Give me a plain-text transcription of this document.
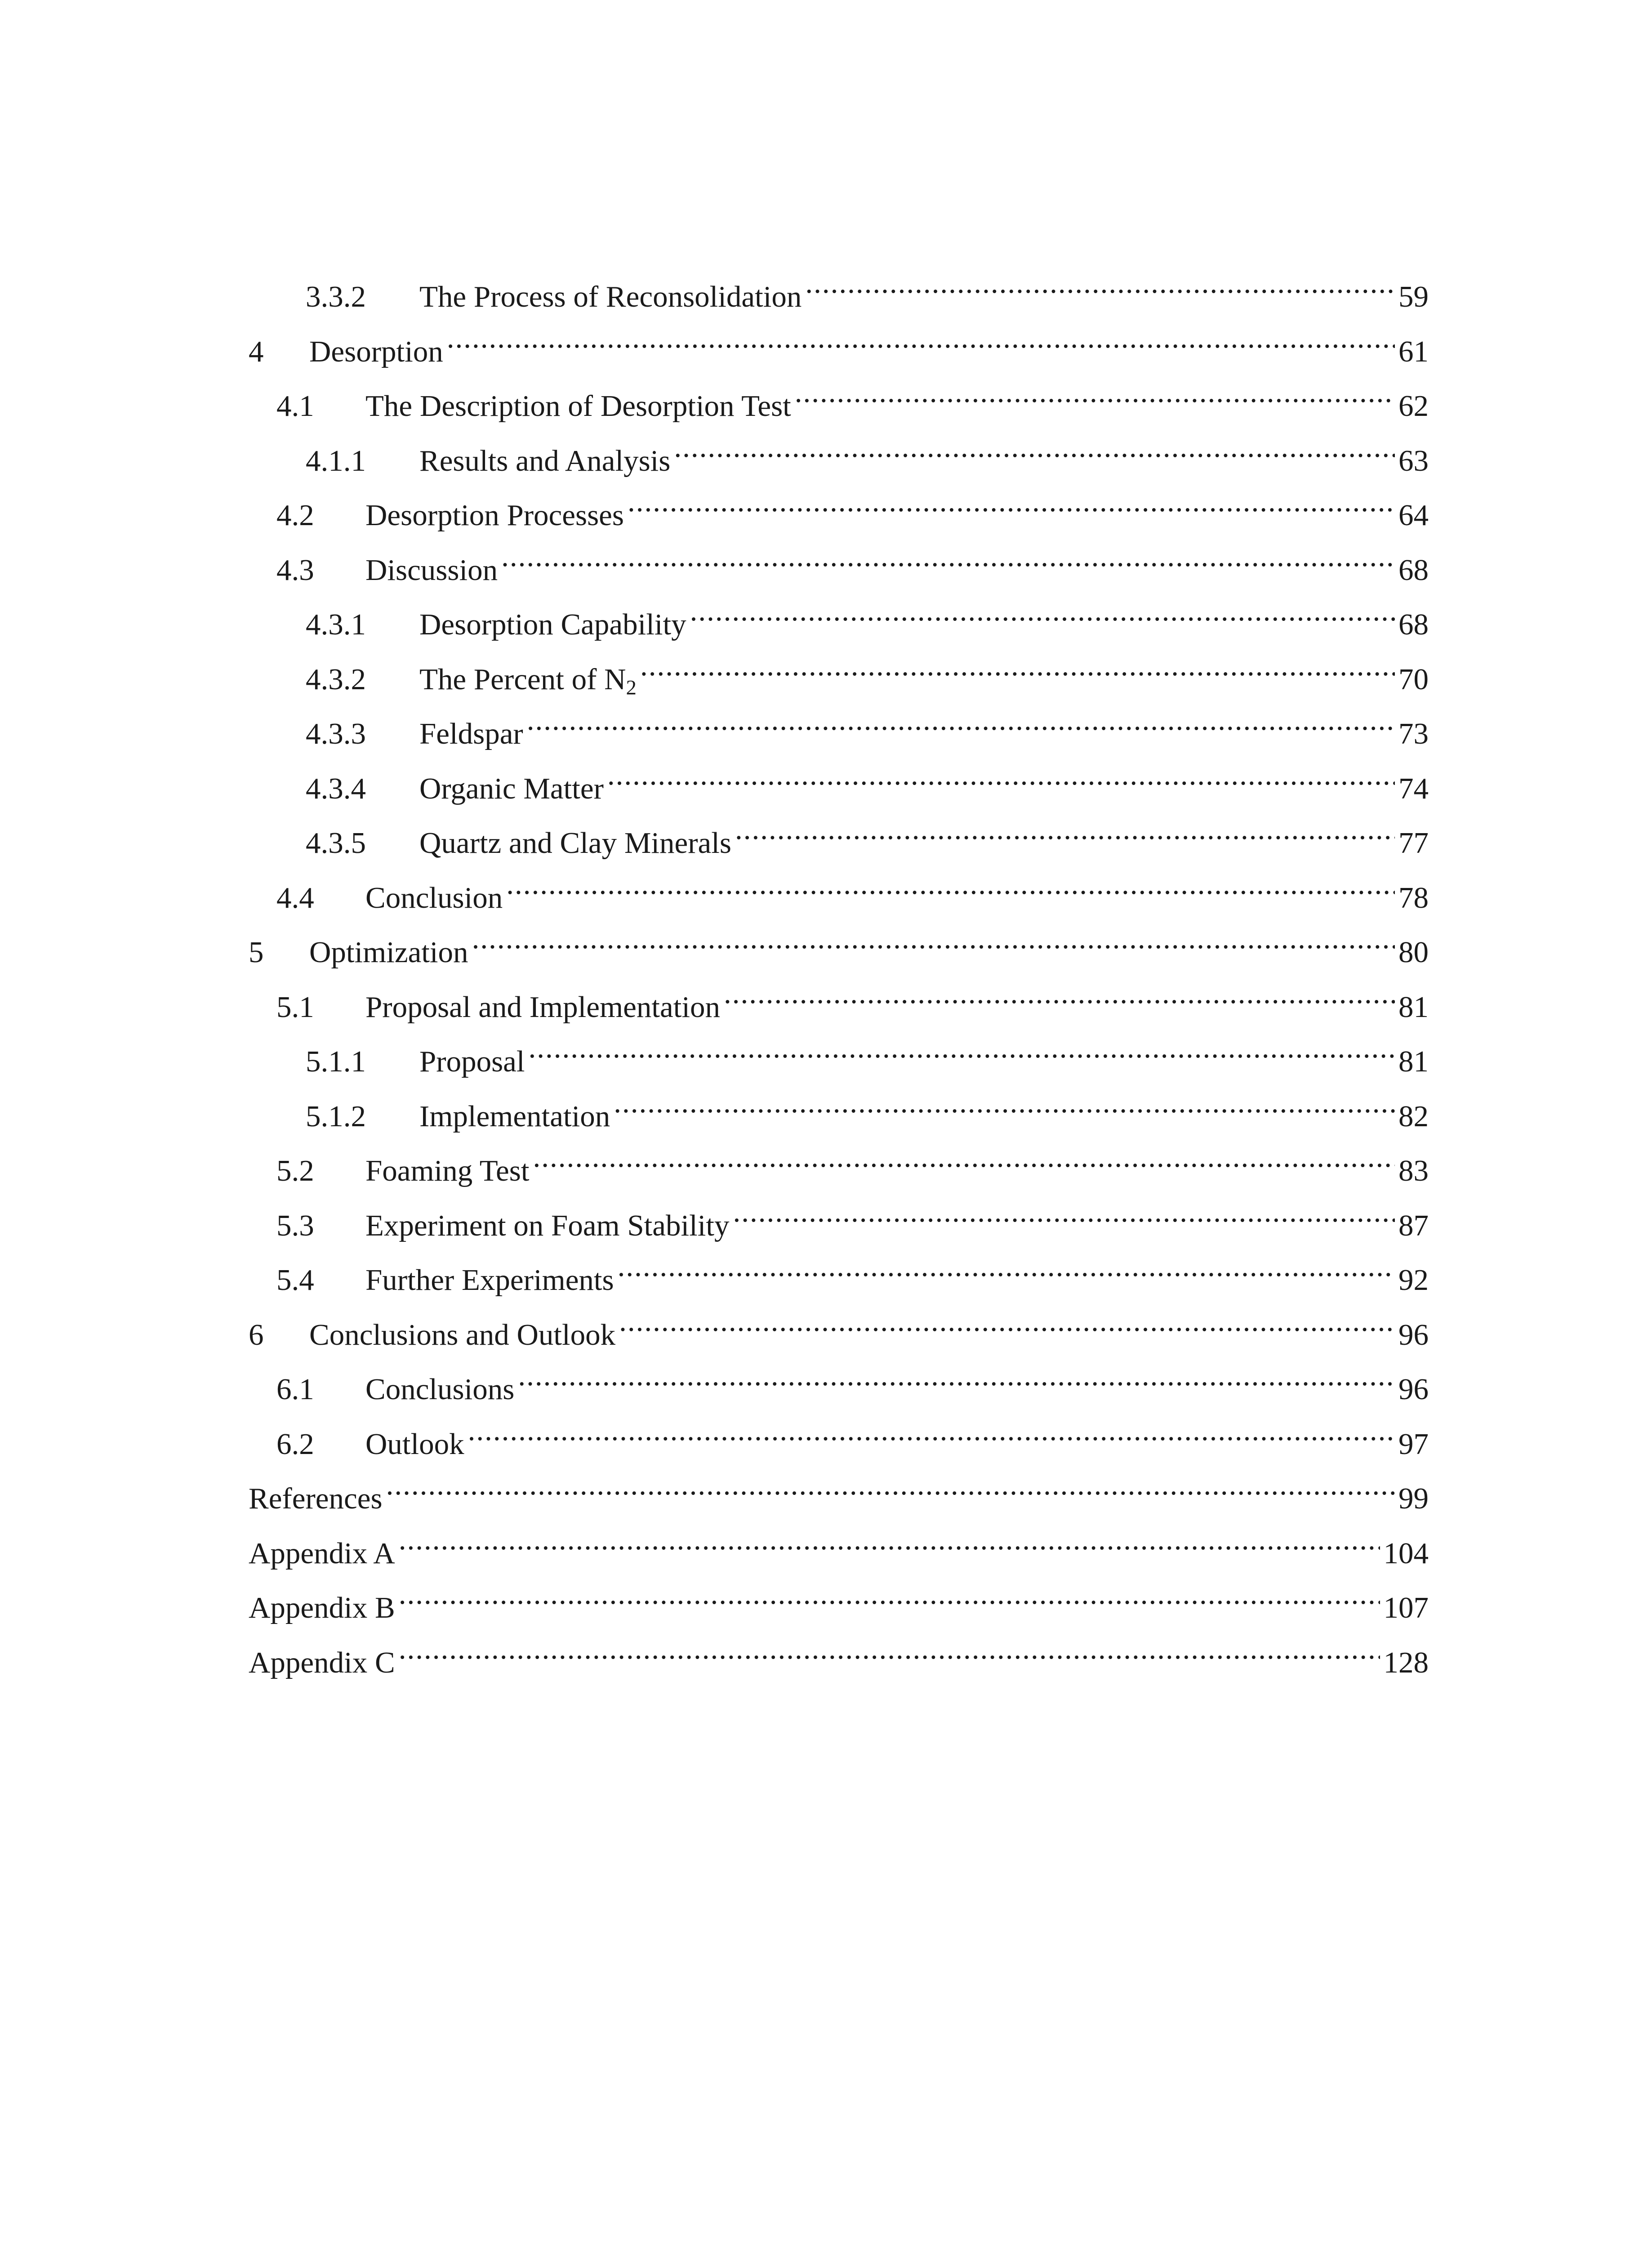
3.3.2	The Process of Reconsolidation .....	59
4	Desorption .....	61
4.1	The Description of Desorption Test .....	62
4.1.1	Results and Analysis .....	63
4.2	Desorption Processes .....	64
4.3	Discussion .....	68
4.3.1	Desorption Capability .....	68
4.3.2	The Percent of $N_2$ .....	70
4.3.3	Feldspar .....	73
4.3.4	Organic Matter .....	74
4.3.5	Quartz and Clay Minerals .....	77
4.4	Conclusion .....	78
5	Optimization .....	80
5.1	Proposal and Implementation .....	81
5.1.1	Proposal .....	81
5.1.2	Implementation .....	82
5.2	Foaming Test .....	83
5.3	Experiment on Foam Stability .....	87
5.4	Further Experiments .....	92
6	Conclusions and Outlook .....	96
6.1	Conclusions .....	96
6.2	Outlook .....	97
References .....	99
Appendix A .....	104
Appendix B .....	107
Appendix C .....	128
